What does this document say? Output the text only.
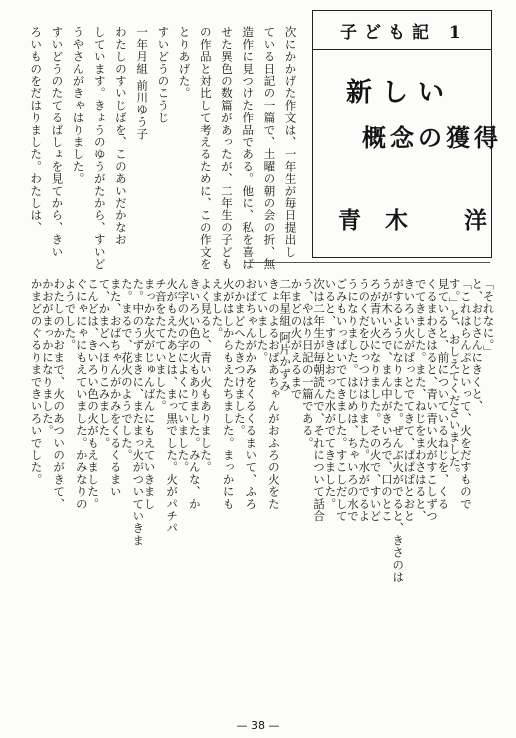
子ども記 1
新しい
概念の獲得
青木 洋
次にかかげた作文は、一年生が毎日提出し
ている日記の一篇で、土曜の朝の会の折、無
造作に見つけた作品である。他に、私を喜ば
せた異色の数篇があったが、二年生の子ども
の作品と対比して考えるために、この作文を
とりあげた。
すいどうのこうじ
一年月組 前川ゆう子
わたしのすいじばを、このあいだかなお
しています。きょうのゆうがたから、すいど
うやさんがきゃはりました。
すいどうのたてるばしょを見てから、きい
ろいものをだはりました。わたしは、
「それなに。」
と、おじさんにきくと、
「これはらんぷといって、火をだすもので
す。」と、おしえてくださいました。
見ていると、前についているねじを、くる
くるまわさはると、青い青い火がすこしずつ
でてきました。また、ねじをまわさはると、
きいろい火がぱっとでてきて、ぱぱぱとおと
がするようになりました。ぜんぶ火がでると、きさのは
うが木いろで、まん中がきいろで、口のとこ
ろが青い火になりました。その火で、すいど
うのくだをひっつけはりました。水がでるよ
うになりました。はじめは、ちゃいろの水で
ごみもいっぱいでてきました。すこしだして
いると、すきとおった水がでてきました。
次は二年生が毎朝読んで、それについて話合
う、やはり日記の一篇である。
かまどの火がえるまで
二年星組 阿片かずみ
きょのよるおばあちゃんがおふろの火をた
いていました。
おばちゃんがかみをくるくるまいて、ふろ
のかまどへたきつけました。
火がはしからもえたちました。まっかにも
えました。
よく見ると、青い火もありました。
きいろい色の火もありました。みんな、か
ん字の火の字によくにていました。
火がもえたあとは、まっ黒でした。火がパチパ
チ音をたてていました。
まっかな火がじゅんばんにもえていきまし
た。中のうずまきに、またまっ火がついていきま
た。まるで、花火のようでした。
また、おばちゃんがかみをくるくるまい
て、かまどへほりこみました。
こんどは、きいろい色の火がもえました。
ぐにゃにゃにもえていました。かみなりの
ようでした。
わたしのかおまで、火のあついのがきて、
かおがまっかになりました。
かまどのぐるりまできいろいでした。
— 38 —
